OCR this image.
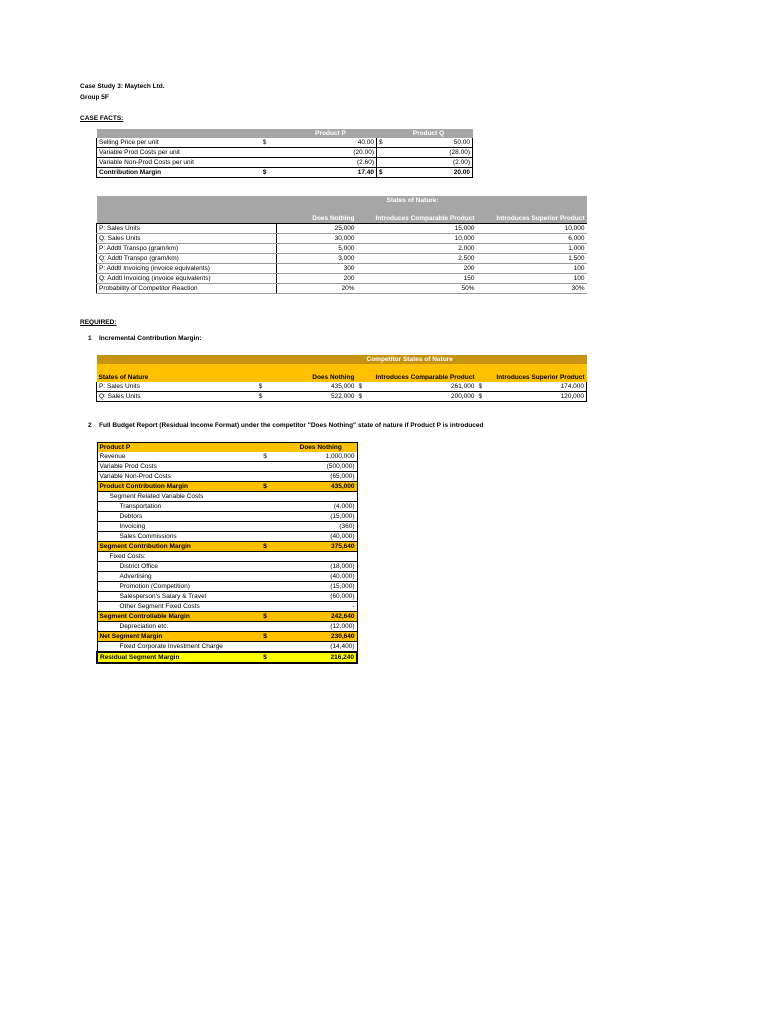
Case Study 3: Maytech Ltd.
Group 5F
CASE FACTS:
		Product P		Product Q
Selling Price per unit	$	40.00	$	50.00
Variable Prod Costs per unit		(20.00)		(28.00)
Variable Non-Prod Costs per unit		(2.60)		(2.00)
Contribution Margin	$	17.40	$	20.00
		States of Nature:	

	Does Nothing	Introduces Comparable Product	Introduces Superior Product
P: Sales Units	25,000	15,000	10,000
Q: Sales Units	30,000	10,000	6,000
P: Addtl Transpo (gram/km)	5,000	2,000	1,000
Q: Addtl Transpo (gram/km)	3,000	2,500	1,500
P: Addtl Invoicing (invoice equivalents)	300	200	100
Q: Addtl Invoicing (invoice equivalents)	200	150	100
Probability of Competitor Reaction	20%	50%	30%
REQUIRED:
1 Incremental Contribution Margin:
Competitor States of Nature						

States of Nature		Does Nothing		Introduces Comparable Product		Introduces Superior Product
P: Sales Units	$	435,000	$	261,000	$	174,000
Q: Sales Units	$	522,000	$	200,000	$	120,000
2 Full Budget Report (Residual Income Format) under the competitor "Does Nothing" state of nature if Product P is introduced
Product P		Does Nothing
Revenue	$	1,000,000
Variable Prod Costs		(500,000)
Variable Non-Prod Costs		(65,000)
Product Contribution Margin	$	435,000
Segment Related Variable Costs		
Transportation		(4,000)
Debtors		(15,000)
Invoicing		(360)
Sales Commissions		(40,000)
Segment Contribution Margin	$	375,640
Fixed Costs:		
District Office		(18,000)
Advertising		(40,000)
Promotion (Competition)		(15,000)
Salesperson's Salary & Travel		(60,000)
Other Segment Fixed Costs		-
Segment Controllable Margin	$	242,640
Depreciation etc.		(12,000)
Net Segment Margin	$	230,640
Fixed Corporate Investment Charge		(14,400)
Residual Segment Margin	$	216,240
